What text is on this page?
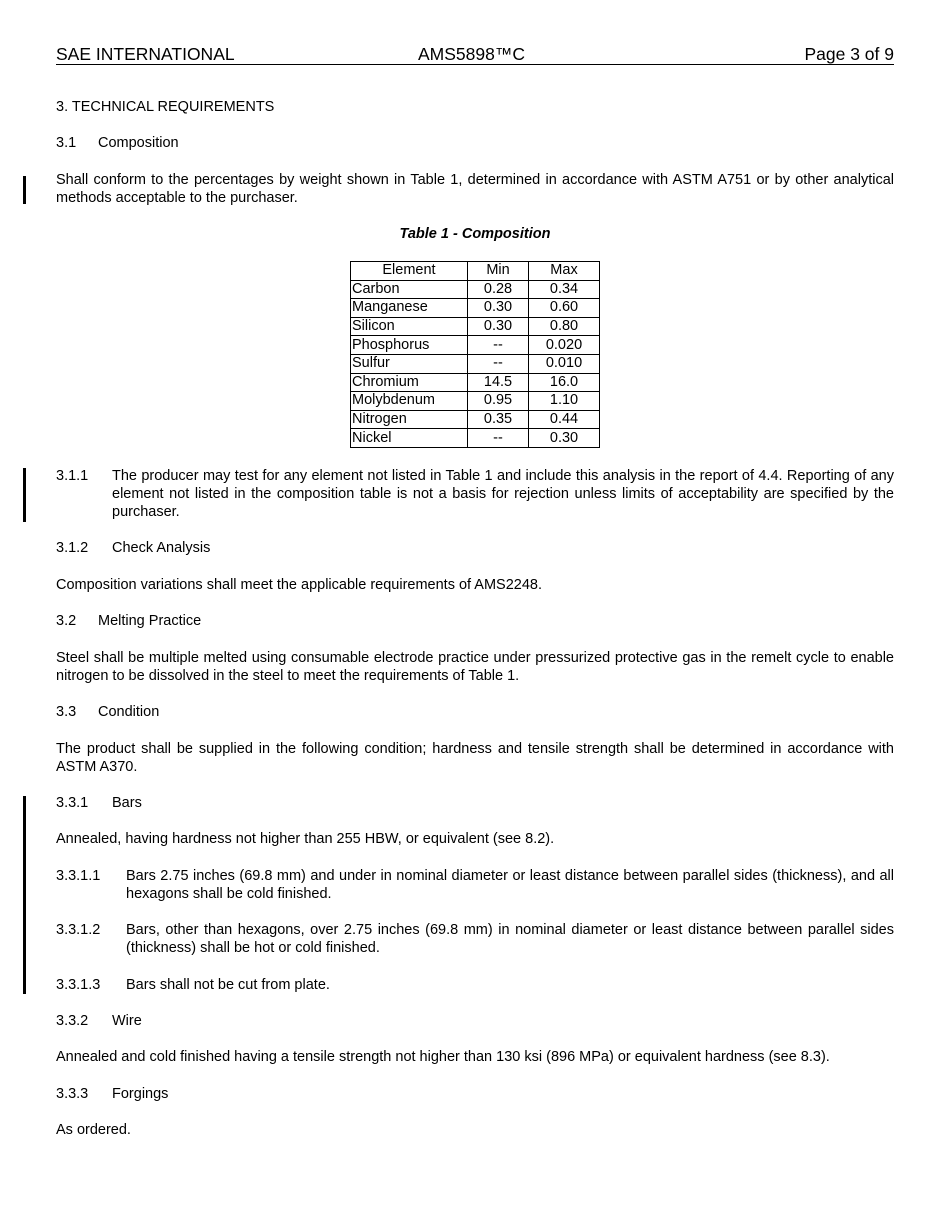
SAE INTERNATIONAL	AMS5898™C	Page 3 of 9
3. TECHNICAL REQUIREMENTS
3.1 Composition
Shall conform to the percentages by weight shown in Table 1, determined in accordance with ASTM A751 or by other analytical methods acceptable to the purchaser.
Table 1 - Composition
Element	Min	Max
Carbon	0.28	0.34
Manganese	0.30	0.60
Silicon	0.30	0.80
Phosphorus	--	0.020
Sulfur	--	0.010
Chromium	14.5	16.0
Molybdenum	0.95	1.10
Nitrogen	0.35	0.44
Nickel	--	0.30
3.1.1 The producer may test for any element not listed in Table 1 and include this analysis in the report of 4.4. Reporting of any element not listed in the composition table is not a basis for rejection unless limits of acceptability are specified by the purchaser.
3.1.2 Check Analysis
Composition variations shall meet the applicable requirements of AMS2248.
3.2 Melting Practice
Steel shall be multiple melted using consumable electrode practice under pressurized protective gas in the remelt cycle to enable nitrogen to be dissolved in the steel to meet the requirements of Table 1.
3.3 Condition
The product shall be supplied in the following condition; hardness and tensile strength shall be determined in accordance with ASTM A370.
3.3.1 Bars
Annealed, having hardness not higher than 255 HBW, or equivalent (see 8.2).
3.3.1.1 Bars 2.75 inches (69.8 mm) and under in nominal diameter or least distance between parallel sides (thickness), and all hexagons shall be cold finished.
3.3.1.2 Bars, other than hexagons, over 2.75 inches (69.8 mm) in nominal diameter or least distance between parallel sides (thickness) shall be hot or cold finished.
3.3.1.3 Bars shall not be cut from plate.
3.3.2 Wire
Annealed and cold finished having a tensile strength not higher than 130 ksi (896 MPa) or equivalent hardness (see 8.3).
3.3.3 Forgings
As ordered.
